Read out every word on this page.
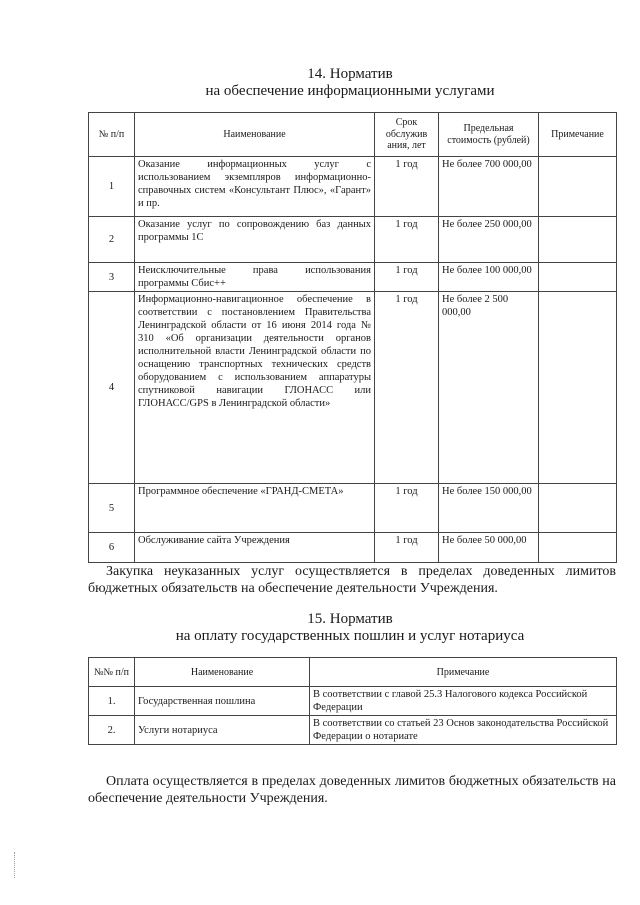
14. Норматив
на обеспечение информационными услугами
№ п/п	Наименование	Срок обслужив ания, лет	Предельная стоимость (рублей)	Примечание
1	Оказание информационных услуг с использованием экземпляров информационно-справочных систем «Консультант Плюс», «Гарант» и пр.	1 год	Не более 700 000,00	
2	Оказание услуг по сопровождению баз данных программы 1С	1 год	Не более 250 000,00	
3	Неисключительные права использования программы Сбис++	1 год	Не более 100 000,00	
4	Информационно-навигационное обеспечение в соответствии с постановлением Правительства Ленинградской области от 16 июня 2014 года № 310 «Об организации деятельности органов исполнительной власти Ленинградской области по оснащению транспортных технических средств оборудованием с использованием аппаратуры спутниковой навигации ГЛОНАСС или ГЛОНАСС/GPS в Ленинградской области»	1 год	Не более 2 500 000,00	
5	Программное обеспечение «ГРАНД-СМЕТА»	1 год	Не более 150 000,00	
6	Обслуживание сайта Учреждения	1 год	Не более 50 000,00	
Закупка неуказанных услуг осуществляется в пределах доведенных лимитов бюджетных обязательств на обеспечение деятельности Учреждения.
15. Норматив
на оплату государственных пошлин и услуг нотариуса
№№ п/п	Наименование	Примечание
1.	Государственная пошлина	В соответствии с главой 25.3 Налогового кодекса Российской Федерации
2.	Услуги нотариуса	В соответствии со статьей 23 Основ законодательства Российской Федерации о нотариате
Оплата осуществляется в пределах доведенных лимитов бюджетных обязательств на обеспечение деятельности Учреждения.
